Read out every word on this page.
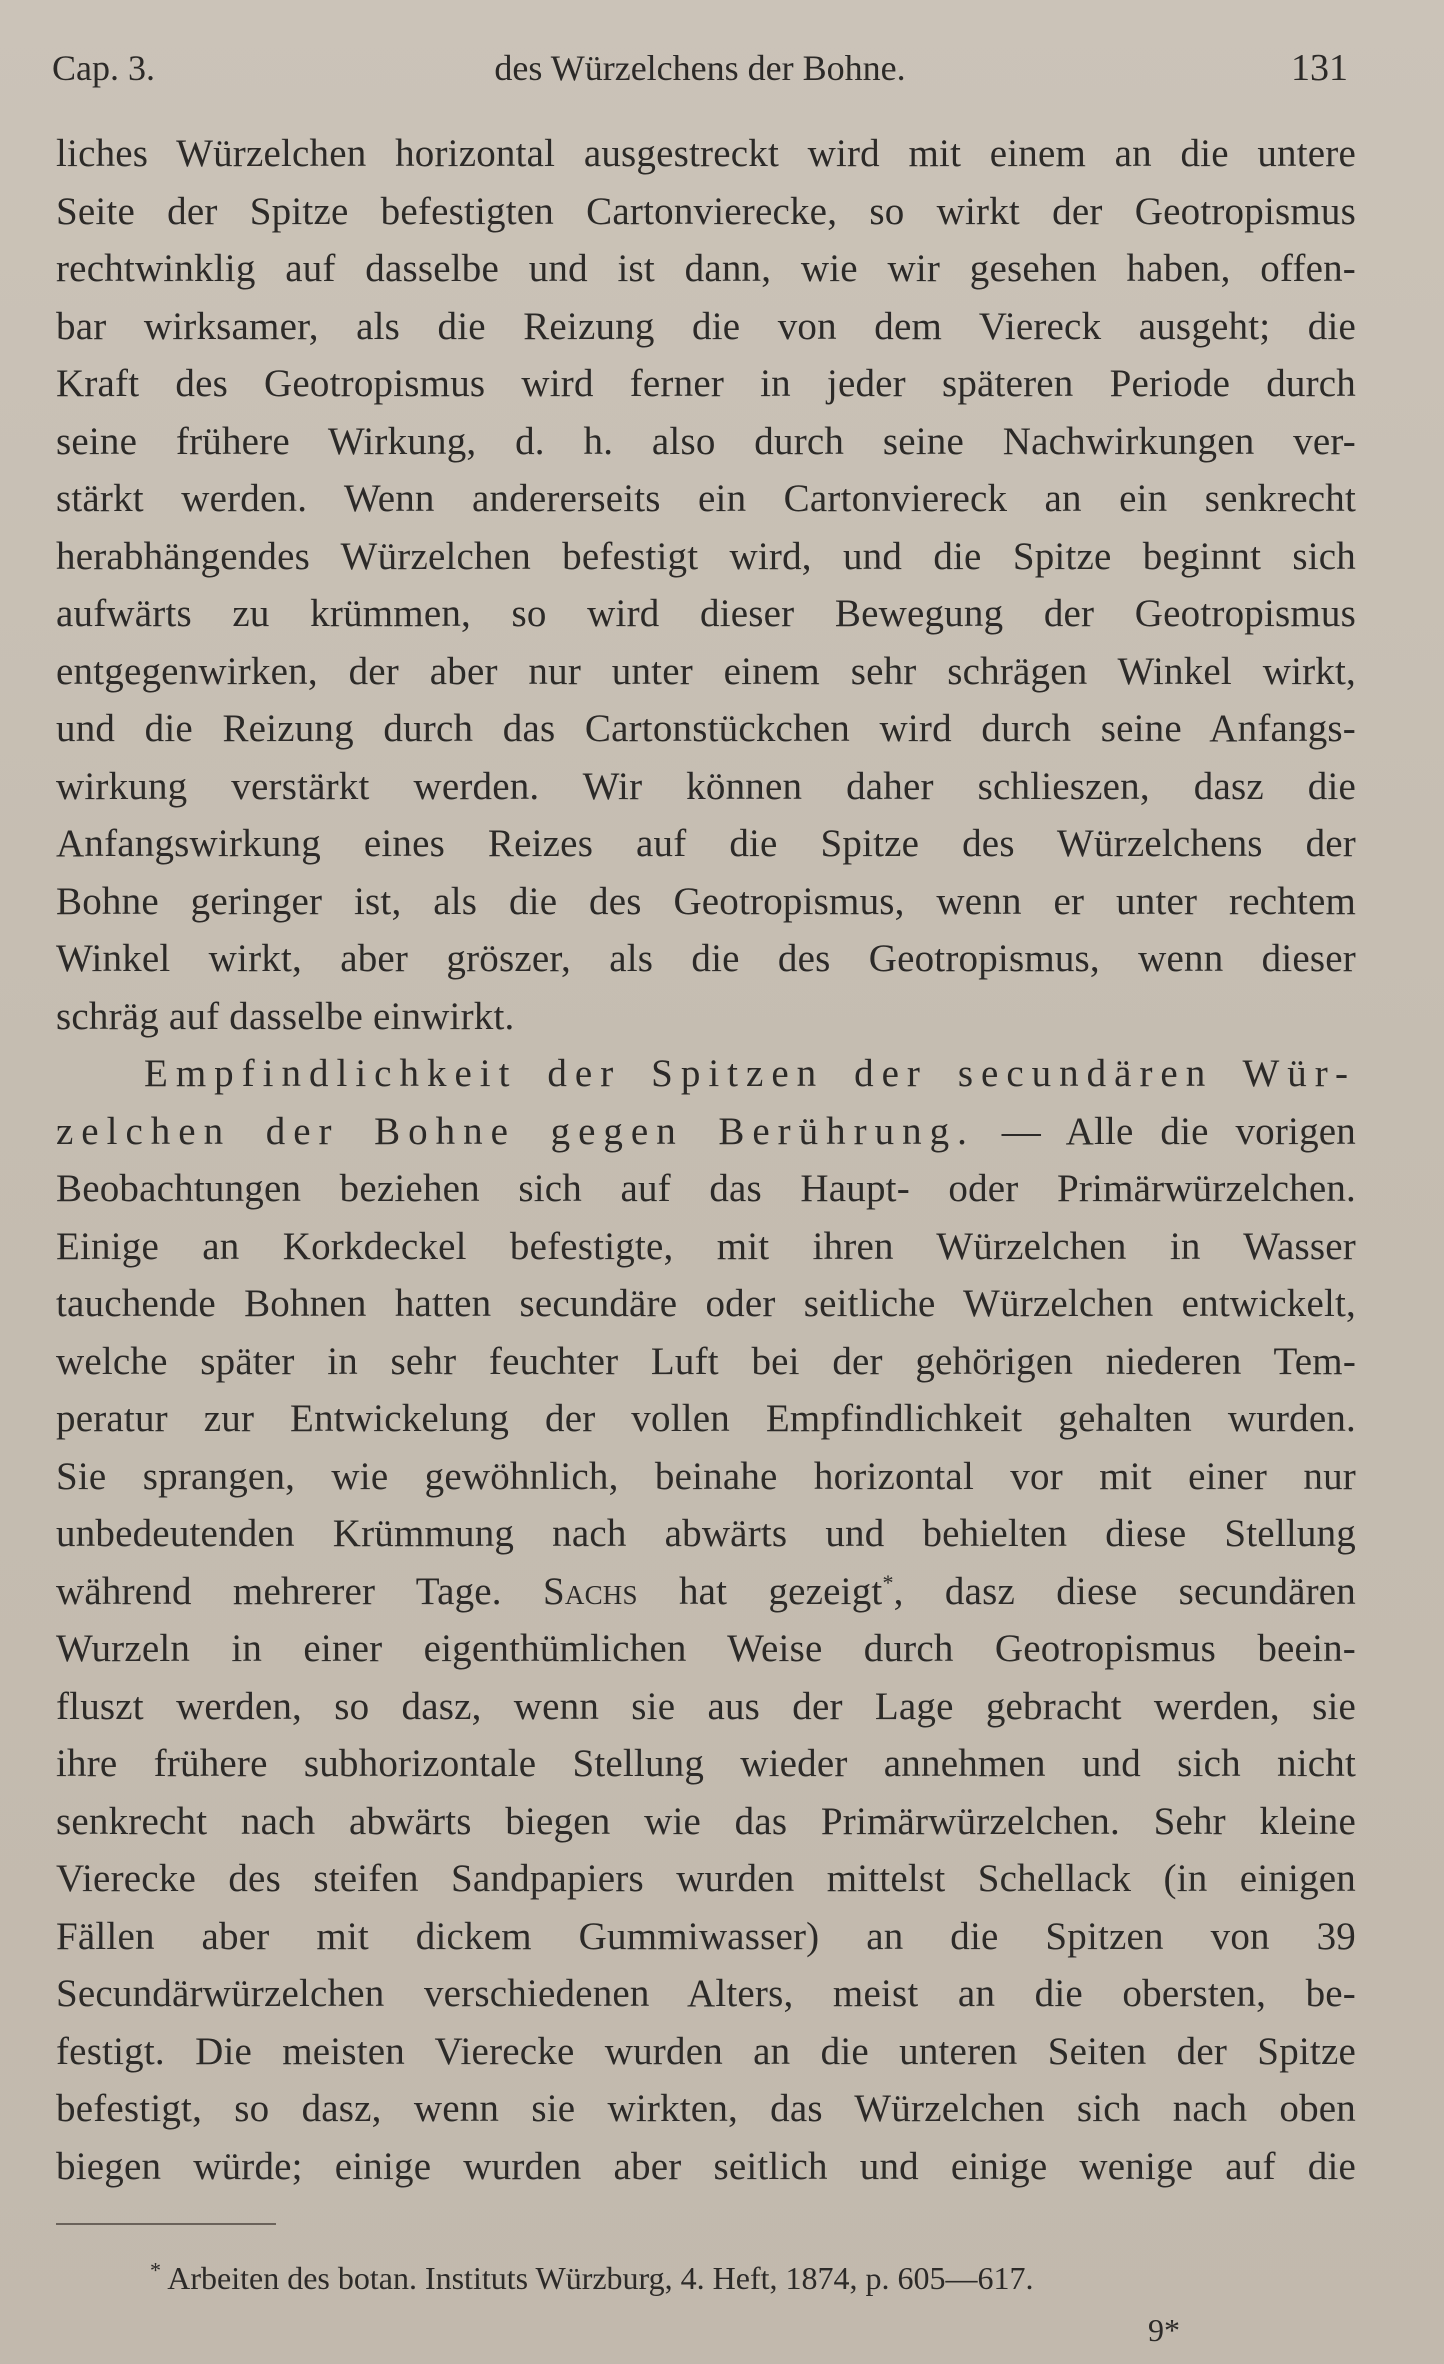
Cap. 3.	des Würzelchens der Bohne.	131
liches Würzelchen horizontal ausgestreckt wird mit einem an die untere
Seite der Spitze befestigten Cartonvierecke, so wirkt der Geotropismus
rechtwinklig auf dasselbe und ist dann, wie wir gesehen haben, offen-
bar wirksamer, als die Reizung die von dem Viereck ausgeht; die
Kraft des Geotropismus wird ferner in jeder späteren Periode durch
seine frühere Wirkung, d. h. also durch seine Nachwirkungen ver-
stärkt werden. Wenn andererseits ein Cartonviereck an ein senkrecht
herabhängendes Würzelchen befestigt wird, und die Spitze beginnt sich
aufwärts zu krümmen, so wird dieser Bewegung der Geotropismus
entgegenwirken, der aber nur unter einem sehr schrägen Winkel wirkt,
und die Reizung durch das Cartonstückchen wird durch seine Anfangs-
wirkung verstärkt werden. Wir können daher schlieszen, dasz die
Anfangswirkung eines Reizes auf die Spitze des Würzelchens der
Bohne geringer ist, als die des Geotropismus, wenn er unter rechtem
Winkel wirkt, aber gröszer, als die des Geotropismus, wenn dieser
schräg auf dasselbe einwirkt.
Empfindlichkeit der Spitzen der secundären Wür-
zelchen der Bohne gegen Berührung. — Alle die vorigen
Beobachtungen beziehen sich auf das Haupt- oder Primärwürzelchen.
Einige an Korkdeckel befestigte, mit ihren Würzelchen in Wasser
tauchende Bohnen hatten secundäre oder seitliche Würzelchen entwickelt,
welche später in sehr feuchter Luft bei der gehörigen niederen Tem-
peratur zur Entwickelung der vollen Empfindlichkeit gehalten wurden.
Sie sprangen, wie gewöhnlich, beinahe horizontal vor mit einer nur
unbedeutenden Krümmung nach abwärts und behielten diese Stellung
während mehrerer Tage. Sachs hat gezeigt*, dasz diese secundären
Wurzeln in einer eigenthümlichen Weise durch Geotropismus beein-
fluszt werden, so dasz, wenn sie aus der Lage gebracht werden, sie
ihre frühere subhorizontale Stellung wieder annehmen und sich nicht
senkrecht nach abwärts biegen wie das Primärwürzelchen. Sehr kleine
Vierecke des steifen Sandpapiers wurden mittelst Schellack (in einigen
Fällen aber mit dickem Gummiwasser) an die Spitzen von 39
Secundärwürzelchen verschiedenen Alters, meist an die obersten, be-
festigt. Die meisten Vierecke wurden an die unteren Seiten der Spitze
befestigt, so dasz, wenn sie wirkten, das Würzelchen sich nach oben
biegen würde; einige wurden aber seitlich und einige wenige auf die
* Arbeiten des botan. Instituts Würzburg, 4. Heft, 1874, p. 605—617.
9*
